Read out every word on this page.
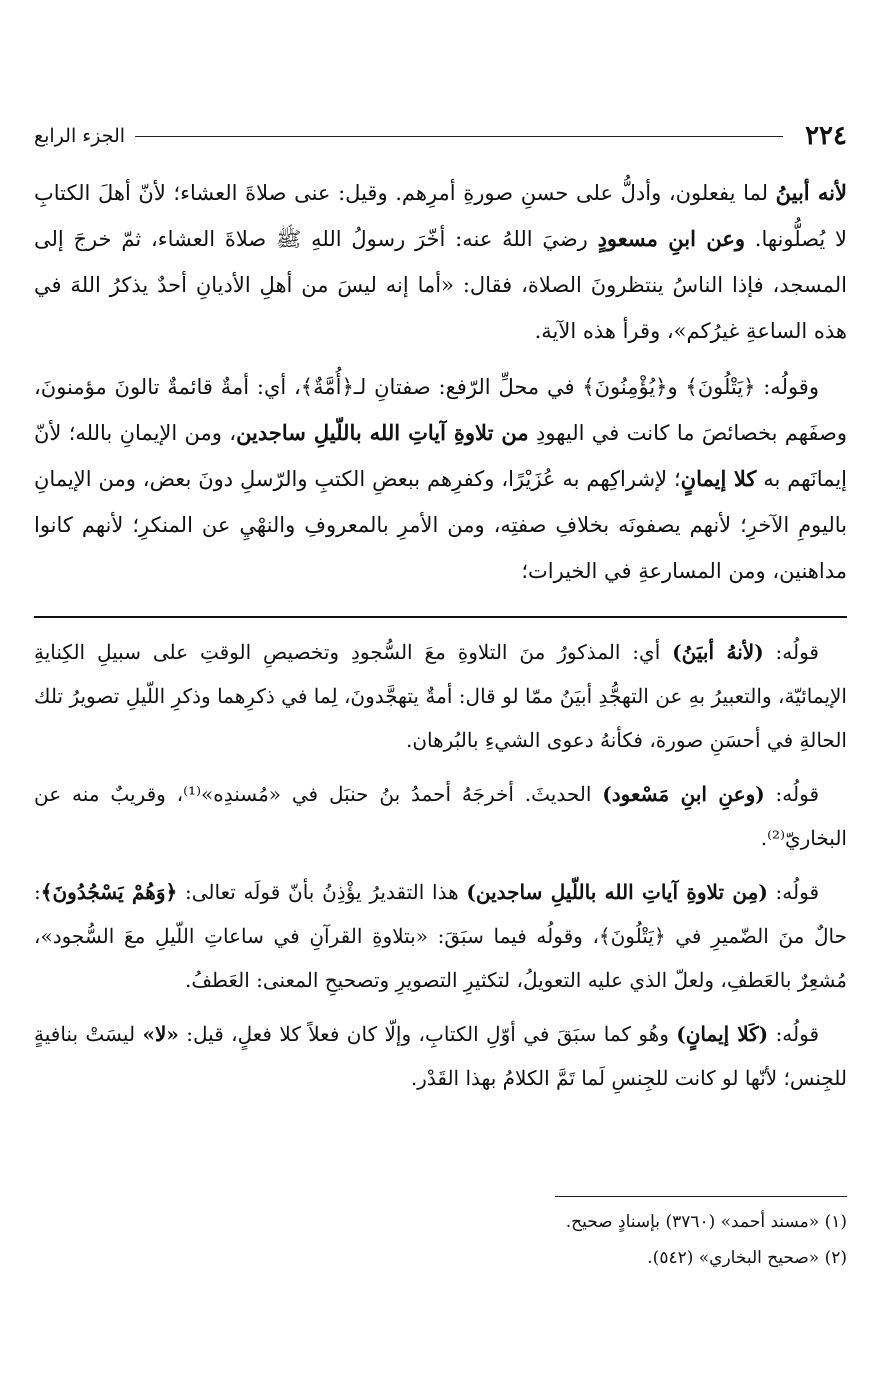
٢٢٤
الجزء الرابع

لأنه أبينُ لما يفعلون، وأدلُّ على حسنِ صورةِ أمرِهم. وقيل: عنى صلاةَ العشاء؛ لأنّ أهلَ الكتابِ لا يُصلُّونها. وعن ابنِ مسعودٍ رضيَ اللهُ عنه: أخّرَ رسولُ اللهِ ﷺ صلاةَ العشاء، ثمّ خرجَ إلى المسجد، فإذا الناسُ ينتظرونَ الصلاة، فقال: «أما إنه ليسَ من أهلِ الأديانِ أحدٌ يذكرُ اللهَ في هذه الساعةِ غيرُكم»، وقرأ هذه الآية.

وقولُه: ﴿يَتْلُونَ﴾ و﴿يُؤْمِنُونَ﴾ في محلِّ الرّفع: صفتانِ لـ﴿أُمَّةٌ﴾، أي: أمةٌ قائمةٌ تالونَ مؤمنونَ، وصفَهم بخصائصَ ما كانت في اليهودِ من تلاوةِ آياتِ الله باللّيلِ ساجدين، ومن الإيمانِ بالله؛ لأنّ إيمانَهم به كلا إيمانٍ؛ لإشراكِهم به عُزَيْرًا، وكفرِهم ببعضِ الكتبِ والرّسلِ دونَ بعض، ومن الإيمانِ باليومِ الآخرِ؛ لأنهم يصفونَه بخلافِ صفتِه، ومن الأمرِ بالمعروفِ والنهْيِ عن المنكرِ؛ لأنهم كانوا مداهنين، ومن المسارعةِ في الخيرات؛

قولُه: (لأنهُ أبيَنُ) أي: المذكورُ منَ التلاوةِ معَ السُّجودِ وتخصيصِ الوقتِ على سبيلِ الكِنايةِ الإيمائيّة، والتعبيرُ بهِ عن التهجُّدِ أبيَنُ ممّا لو قال: أمةٌ يتهجَّدونَ، لِما في ذكرِهما وذكرِ اللّيلِ تصويرُ تلك الحالةِ في أحسَنِ صورة، فكأنهُ دعوى الشيءِ بالبُرهان.

قولُه: (وعنِ ابنِ مَسْعود) الحديثَ. أخرجَهُ أحمدُ بنُ حنبَل في «مُسندِه»⁽¹⁾، وقريبٌ منه عن البخاريّ⁽²⁾.

قولُه: (مِن تلاوةِ آياتِ الله باللّيلِ ساجدين) هذا التقديرُ يؤْذِنُ بأنّ قولَه تعالى: ﴿وَهُمْ يَسْجُدُونَ﴾: حالٌ منَ الضّميرِ في ﴿يَتْلُونَ﴾، وقولُه فيما سبَقَ: «بتلاوةِ القرآنِ في ساعاتِ اللّيلِ معَ السُّجود»، مُشعِرٌ بالعَطفِ، ولعلّ الذي عليه التعويلُ، لتكثيرِ التصويرِ وتصحيحِ المعنى: العَطفُ.

قولُه: (كَلا إيمانٍ) وهُو كما سبَقَ في أوّلِ الكتابِ، وإلّا كان فعلاً كلا فعلٍ، قيل: «لا» ليسَتْ بنافيةٍ للجِنس؛ لأنّها لو كانت للجِنسِ لَما تَمَّ الكلامُ بهذا القَدْر.

(١) «مسند أحمد» (٣٧٦٠) بإسنادٍ صحيح.

(٢) «صحيح البخاري» (٥٤٢).
